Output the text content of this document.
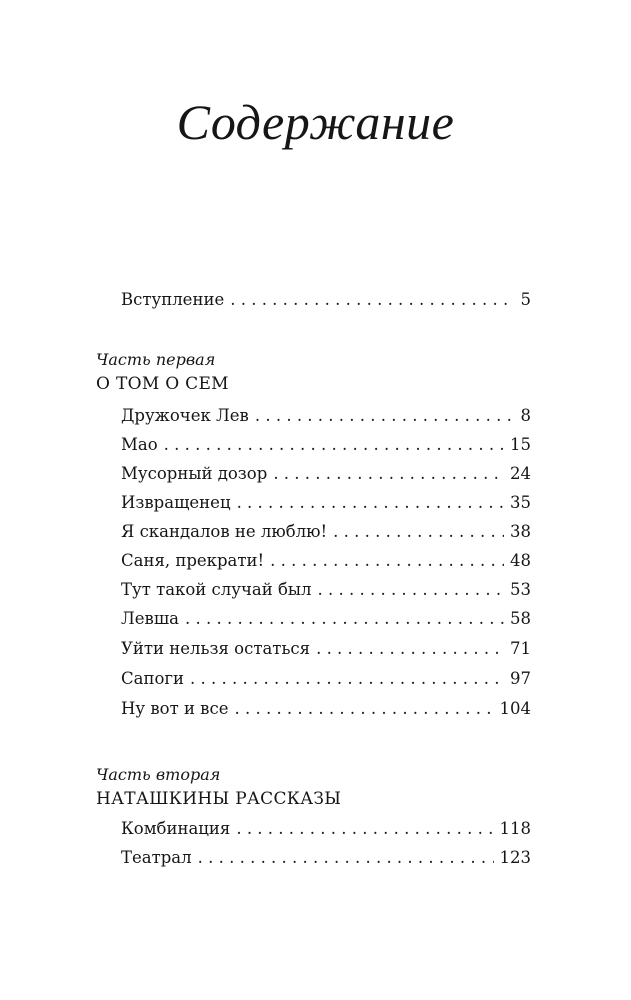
Содержание
Вступление . . .	5

Часть первая

О ТОМ О СЕМ
Дружочек Лев . . .	8
Мао . . .	15
Мусорный дозор . . .	24
Извращенец . . .	35
Я скандалов не люблю! . . .	38
Саня, прекрати! . . .	48
Тут такой случай был . . .	53
Левша . . .	58
Уйти нельзя остаться . . .	71
Сапоги . . .	97
Ну вот и все . . .	104

Часть вторая

НАТАШКИНЫ РАССКАЗЫ
Комбинация . . .	118
Театрал . . .	123
